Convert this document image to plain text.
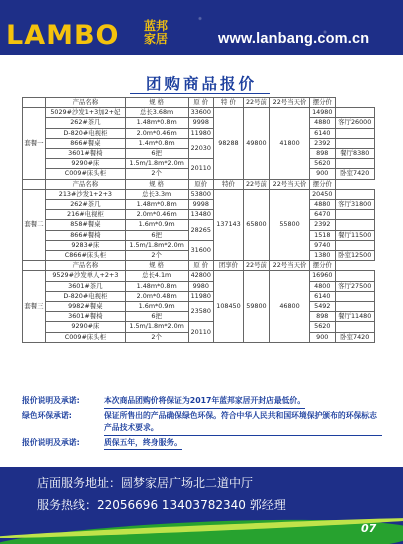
LAMBO 蓝邦
家居	www.lanbang.com.cn
团购商品报价
	产品名称	规 格	原 价	特 价	22号前	22号当天价	摆分价	
套餐一	5029#沙发1+3加2+妃	总长3.68m	33600	98288	49800	41800	14980	
	262#茶几	1.48m*0.8m	9998				4880	客厅26000
	D-820#电视柜	2.0m*0.46m	11980				6140	
	866#餐桌	1.4m*0.8m	22030				2392	
	3601#餐椅	6把					898	餐厅8380
	9290#床	1.5m/1.8m*2.0m	20110				5620	
	C009#床头柜	2个					900	卧室7420
	产品名称	规 格	原价	特价	22号前	22号当天价	摆分价	
套餐二	213#沙发1+2+3	总长3.3m	53800	137143	65800	55800	20450	
	262#茶几	1.48m*0.8m	9998				4880	客厅31800
	216#电视柜	2.0m*0.46m	13480				6470	
	858#餐桌	1.6m*0.9m	28265				2392	
	866#餐椅	6把					1518	餐厅11500
	9283#床	1.5m/1.8m*2.0m	31600				9740	
	C866#床头柜	2个					1380	卧室12500
	产品名称	规 格	原 价	团享价	22号前	22号当天价	摆分价	
套餐三	9529#沙发单人+2+3	总长4.1m	42800	108450	59800	46800	16960	
	3601#茶几	1.48m*0.8m	9980				4800	客厅27500
	D-820#电视柜	2.0m*0.48m	11980				6140	
	9982#餐桌	1.6m*0.9m	23580				5492	
	3601#餐椅	6把					898	餐厅11480
	9290#床	1.5m/1.8m*2.0m	20110				5620	
	C009#床头柜	2个					900	卧室7420
报价说明及承诺:	本次商品团购价将保证为2017年蓝邦家居开封店最低价。
绿色环保承诺:	保证所售出的产品确保绿色环保。符合中华人民共和国环境保护颁布的环保标志产品技术要求。
报价说明及承诺:	质保五年，终身服务。
店面服务地址：圆梦家居广场北二道中厅
服务热线：22056696 13403782340 郭经理
07
